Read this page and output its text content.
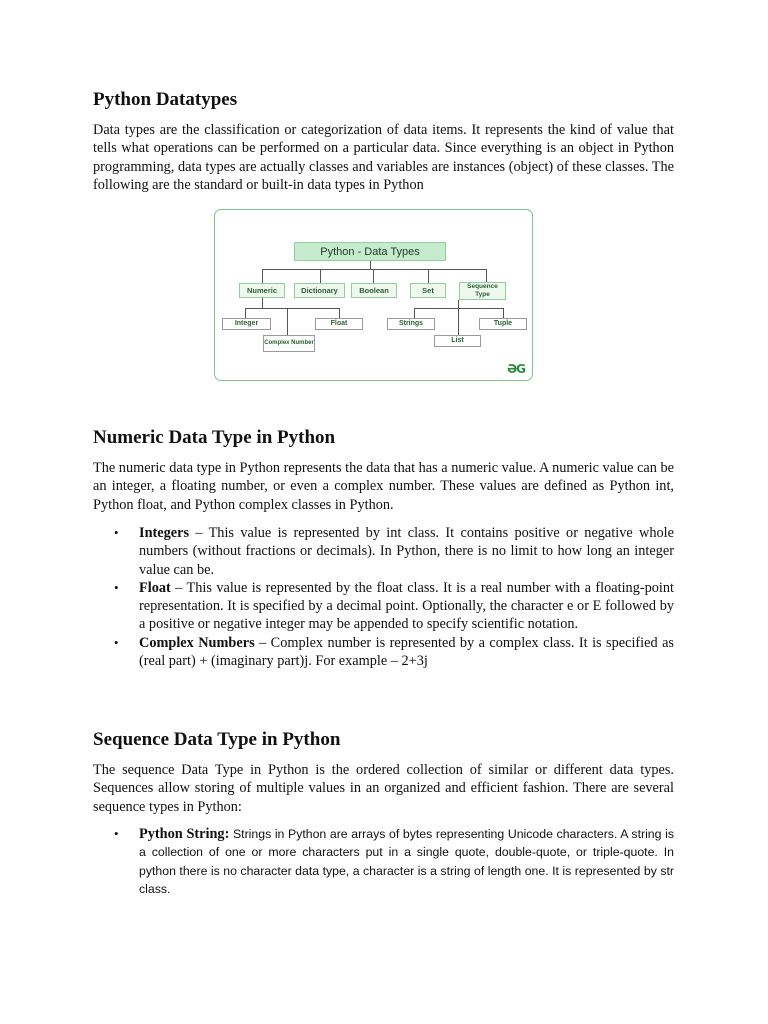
Python Datatypes

Data types are the classification or categorization of data items. It represents the kind of value that tells what operations can be performed on a particular data. Since everything is an object in Python programming, data types are actually classes and variables are instances (object) of these classes. The following are the standard or built-in data types in Python

Numeric Data Type in Python

The numeric data type in Python represents the data that has a numeric value. A numeric value can be an integer, a floating number, or even a complex number. These values are defined as Python int, Python float, and Python complex classes in Python.

• Integers – This value is represented by int class. It contains positive or negative whole numbers (without fractions or decimals). In Python, there is no limit to how long an integer value can be.
• Float – This value is represented by the float class. It is a real number with a floating-point representation. It is specified by a decimal point. Optionally, the character e or E followed by a positive or negative integer may be appended to specify scientific notation.
• Complex Numbers – Complex number is represented by a complex class. It is specified as (real part) + (imaginary part)j. For example – 2+3j
Sequence Data Type in Python

The sequence Data Type in Python is the ordered collection of similar or different data types. Sequences allow storing of multiple values in an organized and efficient fashion. There are several sequence types in Python:

• Python String: Strings in Python are arrays of bytes representing Unicode characters. A string is a collection of one or more characters put in a single quote, double-quote, or triple-quote. In python there is no character data type, a character is a string of length one. It is represented by str class.
Python - Data Types
Numeric	Dictionary	Boolean	Set	Sequence Type
Integer	Float
Complex Number
Strings	Tuple
List
ƏG
